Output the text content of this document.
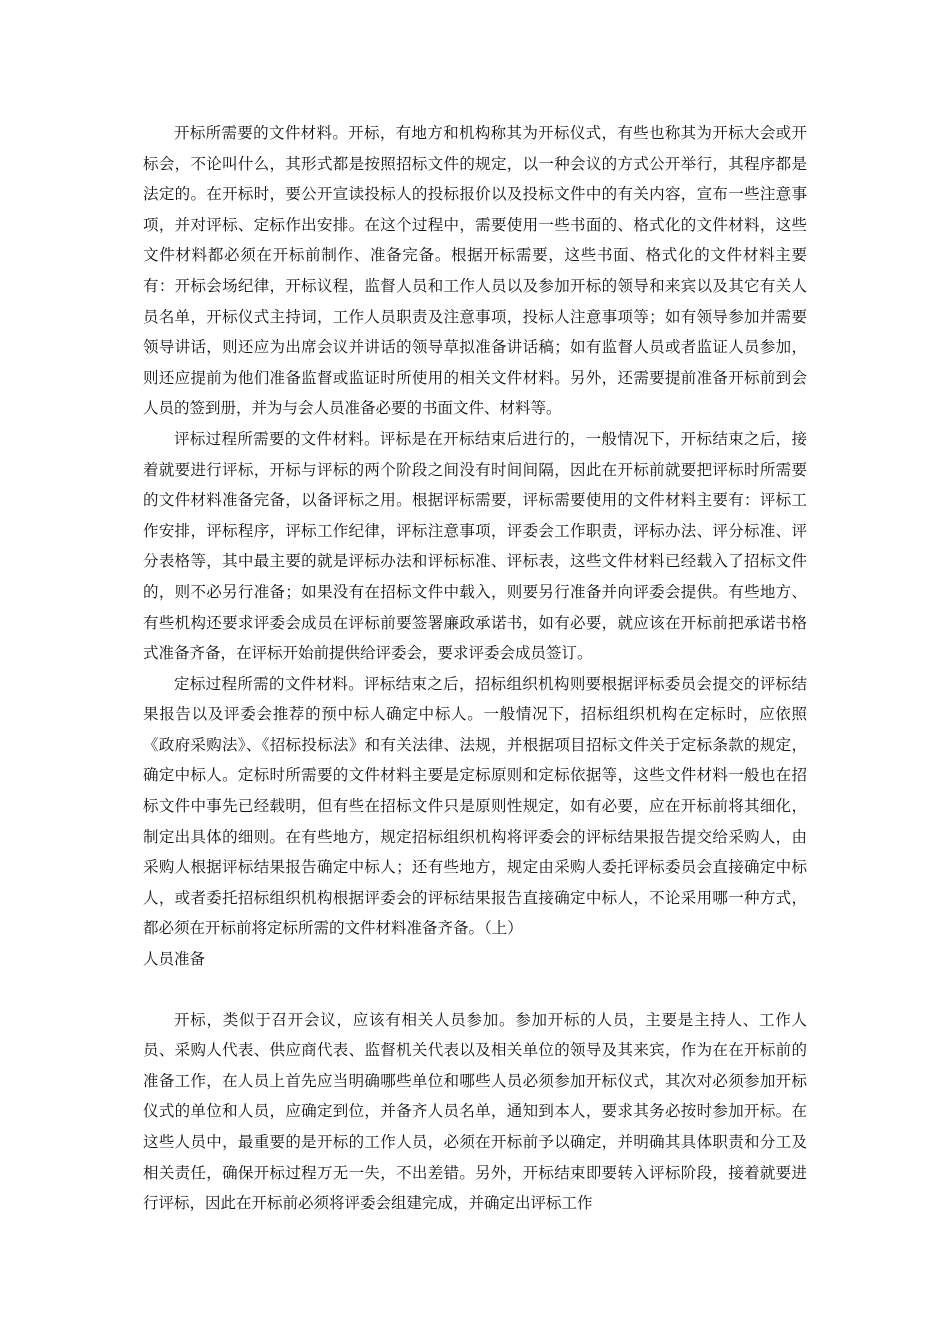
开标所需要的文件材料。开标，有地方和机构称其为开标仪式，有些也称其为开标大会或开标会，不论叫什么，其形式都是按照招标文件的规定，以一种会议的方式公开举行，其程序都是法定的。在开标时，要公开宣读投标人的投标报价以及投标文件中的有关内容，宣布一些注意事项，并对评标、定标作出安排。在这个过程中，需要使用一些书面的、格式化的文件材料，这些文件材料都必须在开标前制作、准备完备。根据开标需要，这些书面、格式化的文件材料主要有：开标会场纪律，开标议程，监督人员和工作人员以及参加开标的领导和来宾以及其它有关人员名单，开标仪式主持词，工作人员职责及注意事项，投标人注意事项等；如有领导参加并需要领导讲话，则还应为出席会议并讲话的领导草拟准备讲话稿；如有监督人员或者监证人员参加，则还应提前为他们准备监督或监证时所使用的相关文件材料。另外，还需要提前准备开标前到会人员的签到册，并为与会人员准备必要的书面文件、材料等。

评标过程所需要的文件材料。评标是在开标结束后进行的，一般情况下，开标结束之后，接着就要进行评标，开标与评标的两个阶段之间没有时间间隔，因此在开标前就要把评标时所需要的文件材料准备完备，以备评标之用。根据评标需要，评标需要使用的文件材料主要有：评标工作安排，评标程序，评标工作纪律，评标注意事项，评委会工作职责，评标办法、评分标准、评分表格等，其中最主要的就是评标办法和评标标准、评标表，这些文件材料已经载入了招标文件的，则不必另行准备；如果没有在招标文件中载入，则要另行准备并向评委会提供。有些地方、有些机构还要求评委会成员在评标前要签署廉政承诺书，如有必要，就应该在开标前把承诺书格式准备齐备，在评标开始前提供给评委会，要求评委会成员签订。

定标过程所需的文件材料。评标结束之后，招标组织机构则要根据评标委员会提交的评标结果报告以及评委会推荐的预中标人确定中标人。一般情况下，招标组织机构在定标时，应依照《政府采购法》、《招标投标法》和有关法律、法规，并根据项目招标文件关于定标条款的规定，确定中标人。定标时所需要的文件材料主要是定标原则和定标依据等，这些文件材料一般也在招标文件中事先已经载明，但有些在招标文件只是原则性规定，如有必要，应在开标前将其细化，制定出具体的细则。在有些地方，规定招标组织机构将评委会的评标结果报告提交给采购人，由采购人根据评标结果报告确定中标人；还有些地方，规定由采购人委托评标委员会直接确定中标人，或者委托招标组织机构根据评委会的评标结果报告直接确定中标人，不论采用哪一种方式，都必须在开标前将定标所需的文件材料准备齐备。（上）

人员准备

开标，类似于召开会议，应该有相关人员参加。参加开标的人员，主要是主持人、工作人员、采购人代表、供应商代表、监督机关代表以及相关单位的领导及其来宾，作为在在开标前的准备工作，在人员上首先应当明确哪些单位和哪些人员必须参加开标仪式，其次对必须参加开标仪式的单位和人员，应确定到位，并备齐人员名单，通知到本人，要求其务必按时参加开标。在这些人员中，最重要的是开标的工作人员，必须在开标前予以确定，并明确其具体职责和分工及相关责任，确保开标过程万无一失，不出差错。另外，开标结束即要转入评标阶段，接着就要进行评标，因此在开标前必须将评委会组建完成，并确定出评标工作
